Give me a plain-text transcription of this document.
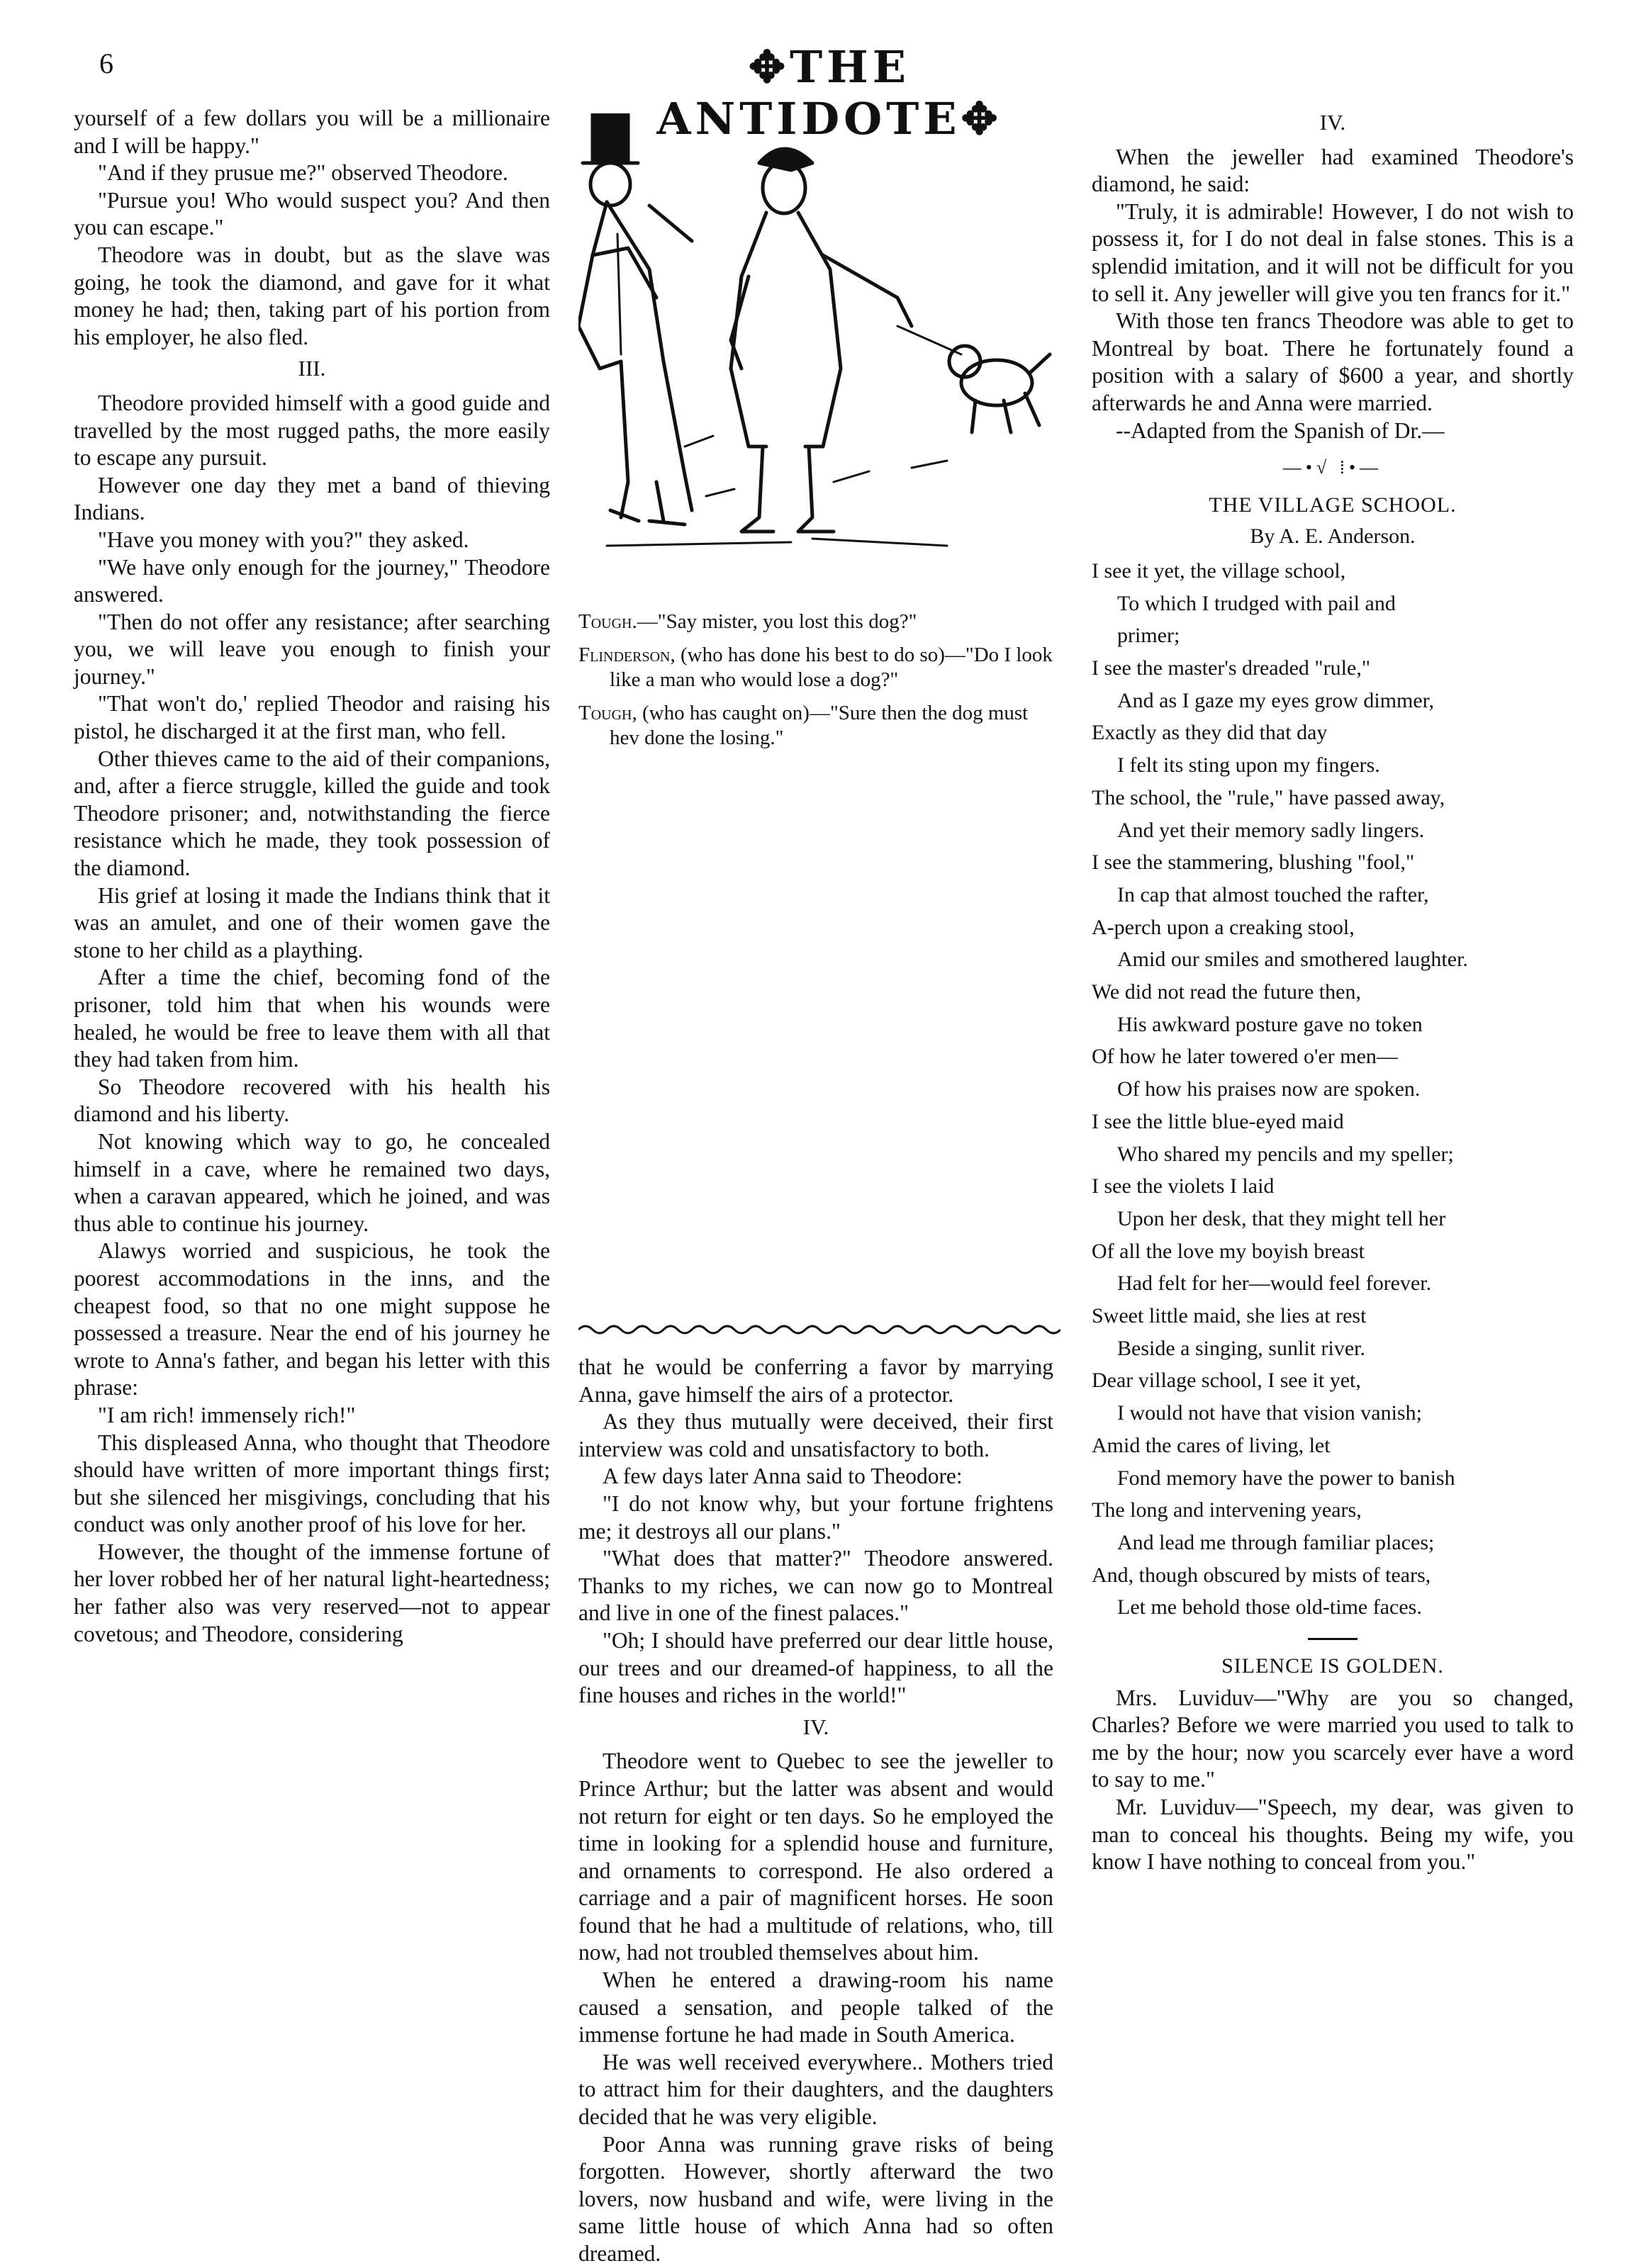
6	✥THE ANTIDOTE✥

yourself of a few dollars you will be a millionaire and I will be happy."

"And if they prusue me?" observed Theodore.

"Pursue you! Who would suspect you? And then you can escape."

Theodore was in doubt, but as the slave was going, he took the diamond, and gave for it what money he had; then, taking part of his portion from his employer, he also fled.

III.

Theodore provided himself with a good guide and travelled by the most rugged paths, the more easily to escape any pursuit.

However one day they met a band of thieving Indians.

"Have you money with you?" they asked.

"We have only enough for the journey," Theodore answered.

"Then do not offer any resistance; after searching you, we will leave you enough to finish your journey."

"That won't do,' replied Theodor and raising his pistol, he discharged it at the first man, who fell.

Other thieves came to the aid of their companions, and, after a fierce struggle, killed the guide and took Theodore prisoner; and, notwithstanding the fierce resistance which he made, they took possession of the diamond.

His grief at losing it made the Indians think that it was an amulet, and one of their women gave the stone to her child as a plaything.

After a time the chief, becoming fond of the prisoner, told him that when his wounds were healed, he would be free to leave them with all that they had taken from him.

So Theodore recovered with his health his diamond and his liberty.

Not knowing which way to go, he concealed himself in a cave, where he remained two days, when a caravan appeared, which he joined, and was thus able to continue his journey.

Alawys worried and suspicious, he took the poorest accommodations in the inns, and the cheapest food, so that no one might suppose he possessed a treasure. Near the end of his journey he wrote to Anna's father, and began his letter with this phrase:

"I am rich! immensely rich!"

This displeased Anna, who thought that Theodore should have written of more important things first; but she silenced her misgivings, concluding that his conduct was only another proof of his love for her.

However, the thought of the immense fortune of her lover robbed her of her natural light-heartedness; her father also was very reserved—not to appear covetous; and Theodore, considering

Tough.—"Say mister, you lost this dog?"

Flinderson, (who has done his best to do so)—"Do I look like a man who would lose a dog?"

Tough, (who has caught on)—"Sure then the dog must hev done the losing."

that he would be conferring a favor by marrying Anna, gave himself the airs of a protector.

As they thus mutually were deceived, their first interview was cold and unsatisfactory to both.

A few days later Anna said to Theodore:

"I do not know why, but your fortune frightens me; it destroys all our plans."

"What does that matter?" Theodore answered. Thanks to my riches, we can now go to Montreal and live in one of the finest palaces."

"Oh; I should have preferred our dear little house, our trees and our dreamed-of happiness, to all the fine houses and riches in the world!"

IV.

Theodore went to Quebec to see the jeweller to Prince Arthur; but the latter was absent and would not return for eight or ten days. So he employed the time in looking for a splendid house and furniture, and ornaments to correspond. He also ordered a carriage and a pair of magnificent horses. He soon found that he had a multitude of relations, who, till now, had not troubled themselves about him.

When he entered a drawing-room his name caused a sensation, and people talked of the immense fortune he had made in South America.

He was well received everywhere.. Mothers tried to attract him for their daughters, and the daughters decided that he was very eligible.

Poor Anna was running grave risks of being forgotten. However, shortly afterward the two lovers, now husband and wife, were living in the same little house of which Anna had so often dreamed.

IV.

When the jeweller had examined Theodore's diamond, he said:

"Truly, it is admirable! However, I do not wish to possess it, for I do not deal in false stones. This is a splendid imitation, and it will not be difficult for you to sell it. Any jeweller will give you ten francs for it."

With those ten francs Theodore was able to get to Montreal by boat. There he fortunately found a position with a salary of $600 a year, and shortly afterwards he and Anna were married.

--Adapted from the Spanish of Dr.—

—•√ ⁞•—
THE VILLAGE SCHOOL.
By A. E. Anderson.
I see it yet, the village school,
To which I trudged with pail and
primer;
I see the master's dreaded "rule,"
And as I gaze my eyes grow dimmer,
Exactly as they did that day
I felt its sting upon my fingers.
The school, the "rule," have passed away,
And yet their memory sadly lingers.
I see the stammering, blushing "fool,"
In cap that almost touched the rafter,
A-perch upon a creaking stool,
Amid our smiles and smothered laughter.
We did not read the future then,
His awkward posture gave no token
Of how he later towered o'er men—
Of how his praises now are spoken.
I see the little blue-eyed maid
Who shared my pencils and my speller;
I see the violets I laid
Upon her desk, that they might tell her
Of all the love my boyish breast
Had felt for her—would feel forever.
Sweet little maid, she lies at rest
Beside a singing, sunlit river.
Dear village school, I see it yet,
I would not have that vision vanish;
Amid the cares of living, let
Fond memory have the power to banish
The long and intervening years,
And lead me through familiar places;
And, though obscured by mists of tears,
Let me behold those old-time faces.
SILENCE IS GOLDEN.

Mrs. Luviduv—"Why are you so changed, Charles? Before we were married you used to talk to me by the hour; now you scarcely ever have a word to say to me."

Mr. Luviduv—"Speech, my dear, was given to man to conceal his thoughts. Being my wife, you know I have nothing to conceal from you."
